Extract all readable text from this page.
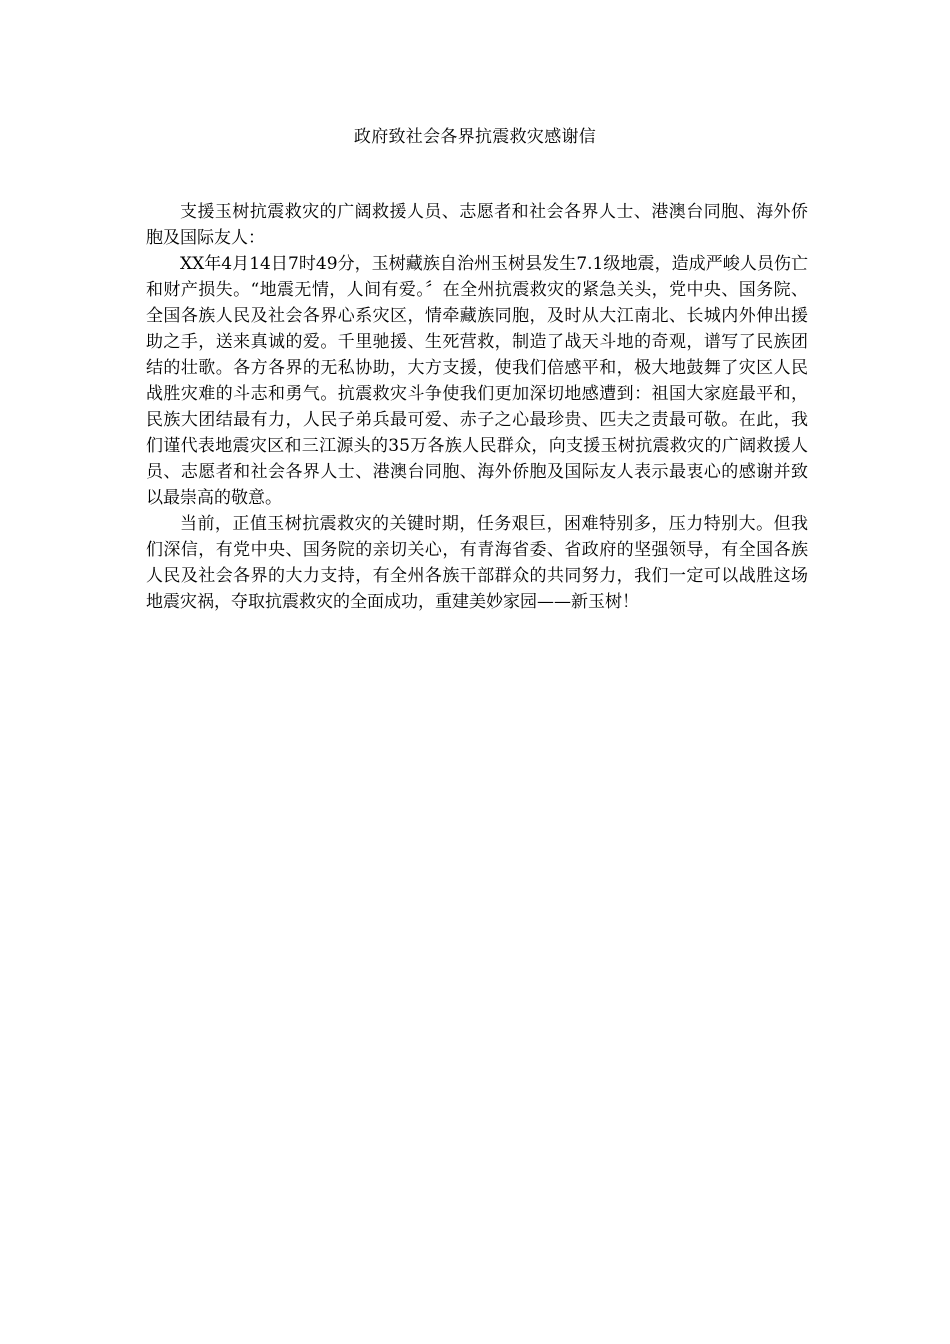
政府致社会各界抗震救灾感谢信

支援玉树抗震救灾的广阔救援人员、志愿者和社会各界人士、港澳台同胞、海外侨胞及国际友人：

XX年4月14日7时49分，玉树藏族自治州玉树县发生7.1级地震，造成严峻人员伤亡和财产损失。“地震无情，人间有爱。〞在全州抗震救灾的紧急关头，党中央、国务院、全国各族人民及社会各界心系灾区，情牵藏族同胞，及时从大江南北、长城内外伸出援助之手，送来真诚的爱。千里驰援、生死营救，制造了战天斗地的奇观，谱写了民族团结的壮歌。各方各界的无私协助，大方支援，使我们倍感平和，极大地鼓舞了灾区人民战胜灾难的斗志和勇气。抗震救灾斗争使我们更加深切地感遭到：祖国大家庭最平和，民族大团结最有力，人民子弟兵最可爱、赤子之心最珍贵、匹夫之责最可敬。在此，我们谨代表地震灾区和三江源头的35万各族人民群众，向支援玉树抗震救灾的广阔救援人员、志愿者和社会各界人士、港澳台同胞、海外侨胞及国际友人表示最衷心的感谢并致以最崇高的敬意。

当前，正值玉树抗震救灾的关键时期，任务艰巨，困难特别多，压力特别大。但我们深信，有党中央、国务院的亲切关心，有青海省委、省政府的坚强领导，有全国各族人民及社会各界的大力支持，有全州各族干部群众的共同努力，我们一定可以战胜这场地震灾祸，夺取抗震救灾的全面成功，重建美妙家园——新玉树！
